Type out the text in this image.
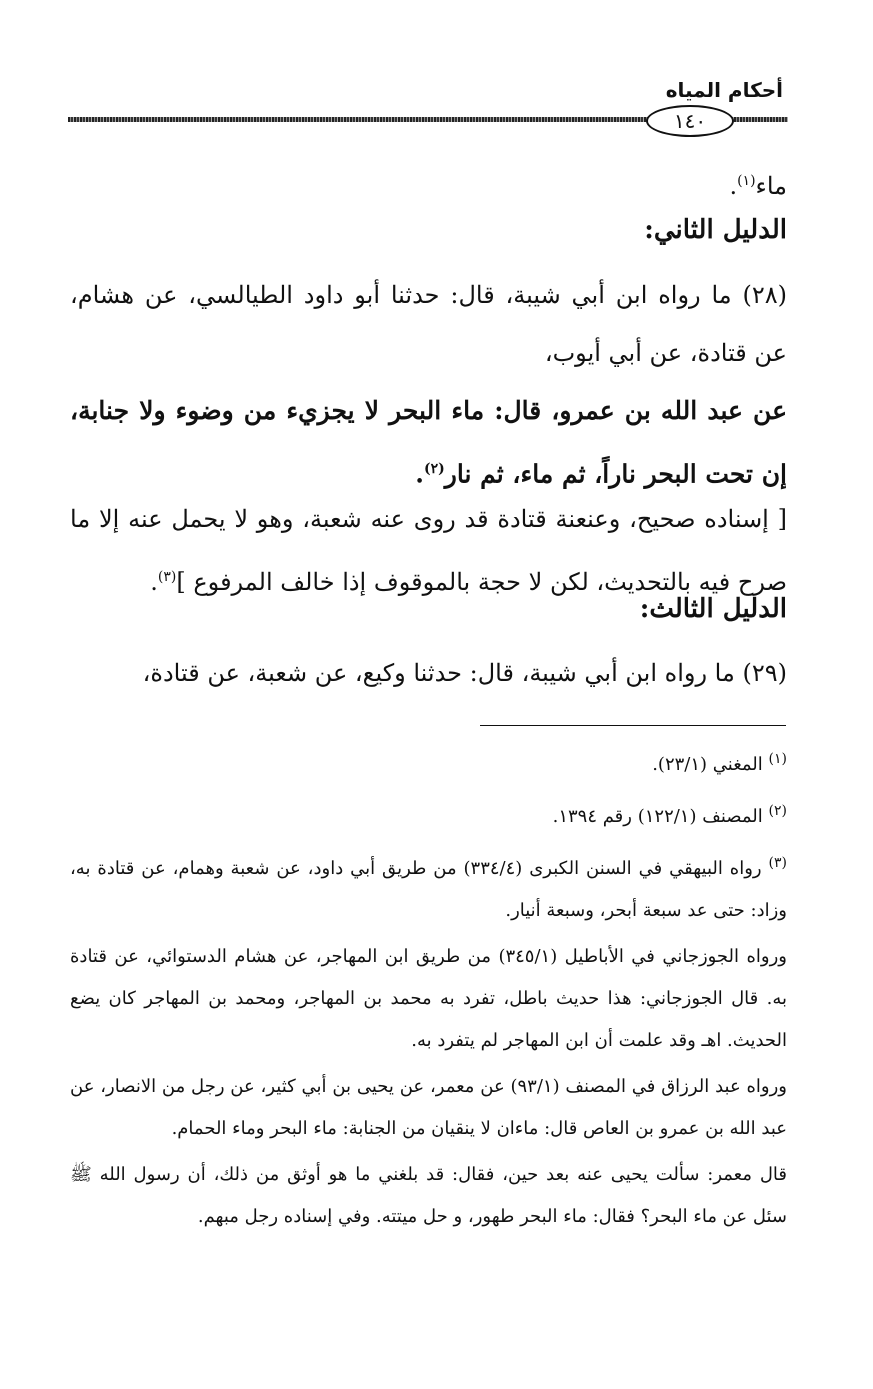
أحكام المياه
١٤٠

ماء$^{(١)}$.

الدليل الثاني:

(٢٨) ما رواه ابن أبي شيبة، قال: حدثنا أبو داود الطيالسي، عن هشام، عن قتادة، عن أبي أيوب،

عن عبد الله بن عمرو، قال: ماء البحر لا يجزيء من وضوء ولا جنابة، إن تحت البحر ناراً، ثم ماء، ثم نار$^{(٢)}$.

[ إسناده صحيح، وعنعنة قتادة قد روى عنه شعبة، وهو لا يحمل عنه إلا ما صرح فيه بالتحديث، لكن لا حجة بالموقوف إذا خالف المرفوع ]$^{(٣)}$.

الدليل الثالث:

(٢٩) ما رواه ابن أبي شيبة، قال: حدثنا وكيع، عن شعبة، عن قتادة،

$^{(١)}$ المغني (٢٣/١).

$^{(٢)}$ المصنف (١٢٢/١) رقم ١٣٩٤.

$^{(٣)}$ رواه البيهقي في السنن الكبرى (٣٣٤/٤) من طريق أبي داود، عن شعبة وهمام، عن قتادة به، وزاد: حتى عد سبعة أبحر، وسبعة أنيار.

ورواه الجوزجاني في الأباطيل (٣٤٥/١) من طريق ابن المهاجر، عن هشام الدستوائي، عن قتادة به. قال الجوزجاني: هذا حديث باطل، تفرد به محمد بن المهاجر، ومحمد بن المهاجر كان يضع الحديث. اهـ وقد علمت أن ابن المهاجر لم يتفرد به.

ورواه عبد الرزاق في المصنف (٩٣/١) عن معمر، عن يحيى بن أبي كثير، عن رجل من الانصار، عن عبد الله بن عمرو بن العاص قال: ماءان لا ينقيان من الجنابة: ماء البحر وماء الحمام.

قال معمر: سألت يحيى عنه بعد حين، فقال: قد بلغني ما هو أوثق من ذلك، أن رسول الله ﷺ سئل عن ماء البحر؟ فقال: ماء البحر طهور، و حل ميتته. وفي إسناده رجل مبهم.
